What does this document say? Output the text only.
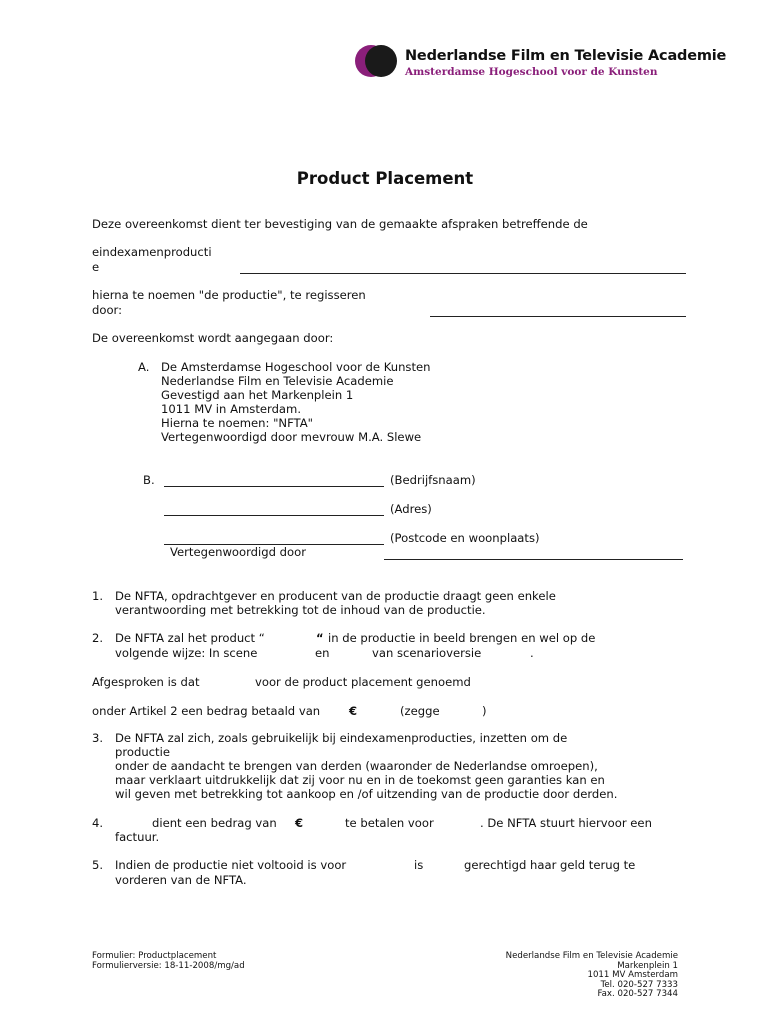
Nederlandse Film en Televisie Academie
Amsterdamse Hogeschool voor de Kunsten
Product Placement
Deze overeenkomst dient ter bevestiging van de gemaakte afspraken betreffende de
eindexamenproducti
e
hierna te noemen "de productie", te regisseren
door:
De overeenkomst wordt aangegaan door:
A. De Amsterdamse Hogeschool voor de Kunsten
Nederlandse Film en Televisie Academie
Gevestigd aan het Markenplein 1
1011 MV in Amsterdam.
Hierna te noemen: "NFTA"
Vertegenwoordigd door mevrouw M.A. Slewe
B.	(Bedrijfsnaam)
(Adres)
(Postcode en woonplaats)
Vertegenwoordigd door
1. De NFTA, opdrachtgever en producent van de productie draagt geen enkele
verantwoording met betrekking tot de inhoud van de productie.
2. De NFTA zal het product “	“ in de productie in beeld brengen en wel op de
volgende wijze: In scene	en	van scenarioversie	.
Afgesproken is dat	voor de product placement genoemd
onder Artikel 2 een bedrag betaald van €	(zegge	)
3. De NFTA zal zich, zoals gebruikelijk bij eindexamenproducties, inzetten om de
productie
onder de aandacht te brengen van derden (waaronder de Nederlandse omroepen),
maar verklaart uitdrukkelijk dat zij voor nu en in de toekomst geen garanties kan en
wil geven met betrekking tot aankoop en /of uitzending van de productie door derden.
4.	dient een bedrag van €	te betalen voor	. De NFTA stuurt hiervoor een
factuur.
5. Indien de productie niet voltooid is voor	is	gerechtigd haar geld terug te
vorderen van de NFTA.
Formulier: Productplacement
Formulierversie: 18-11-2008/mg/ad
Nederlandse Film en Televisie Academie
Markenplein 1
1011 MV Amsterdam
Tel. 020-527 7333
Fax. 020-527 7344
